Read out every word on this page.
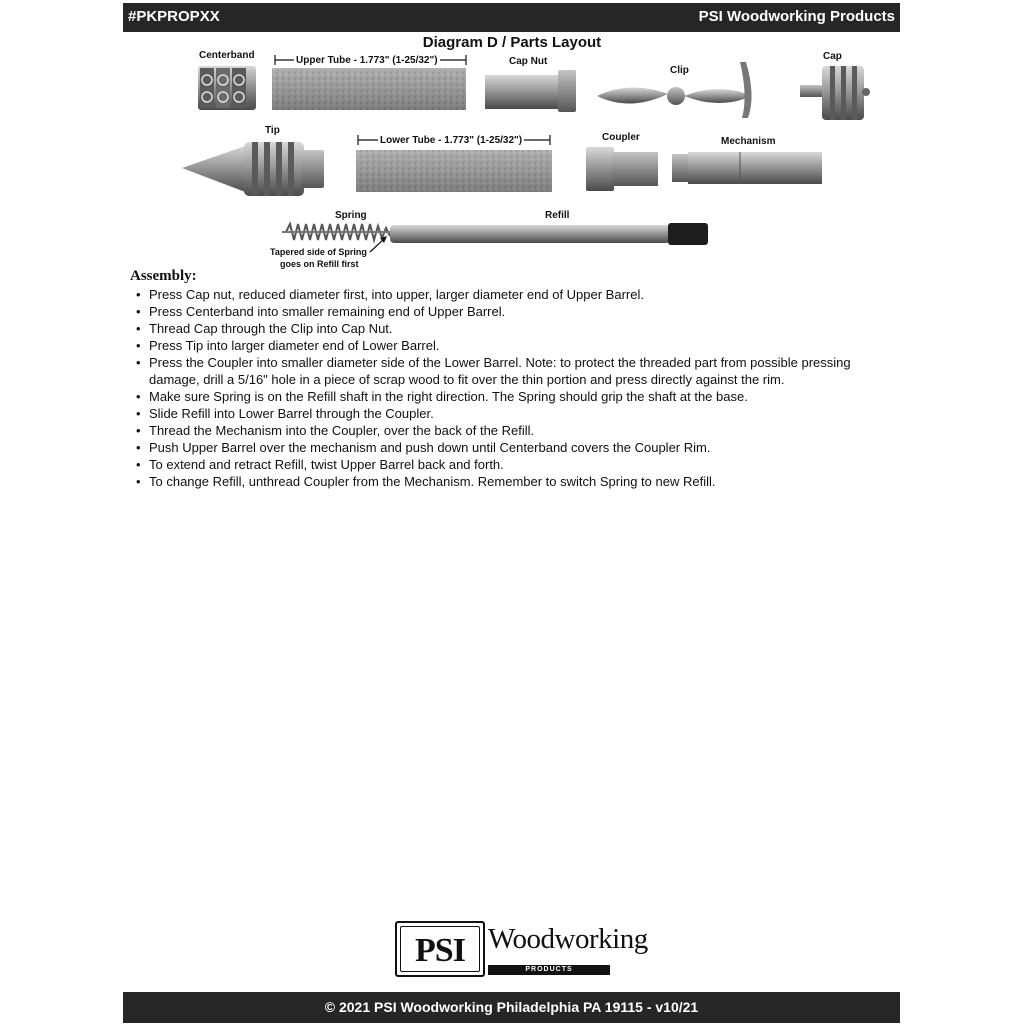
#PKPROPXX	PSI Woodworking Products
Diagram D / Parts Layout
Centerband	Upper Tube - 1.773" (1-25/32")	Cap Nut
Clip
Cap
Tip
Lower Tube - 1.773" (1-25/32")	Coupler	Mechanism
Spring	Refill
Tapered side of Spring
goes on Refill first
Assembly:
• Press Cap nut, reduced diameter first, into upper, larger diameter end of Upper Barrel.
• Press Centerband into smaller remaining end of Upper Barrel.
• Thread Cap through the Clip into Cap Nut.
• Press Tip into larger diameter end of Lower Barrel.
• Press the Coupler into smaller diameter side of the Lower Barrel. Note: to protect the threaded part from possible pressing damage, drill a 5/16" hole in a piece of scrap wood to fit over the thin portion and press directly against the rim.
• Make sure Spring is on the Refill shaft in the right direction. The Spring should grip the shaft at the base.
• Slide Refill into Lower Barrel through the Coupler.
• Thread the Mechanism into the Coupler, over the back of the Refill.
• Push Upper Barrel over the mechanism and push down until Centerband covers the Coupler Rim.
• To extend and retract Refill, twist Upper Barrel back and forth.
• To change Refill, unthread Coupler from the Mechanism. Remember to switch Spring to new Refill.
PSI Woodworking
PRODUCTS
© 2021 PSI Woodworking Philadelphia PA 19115 - v10/21
